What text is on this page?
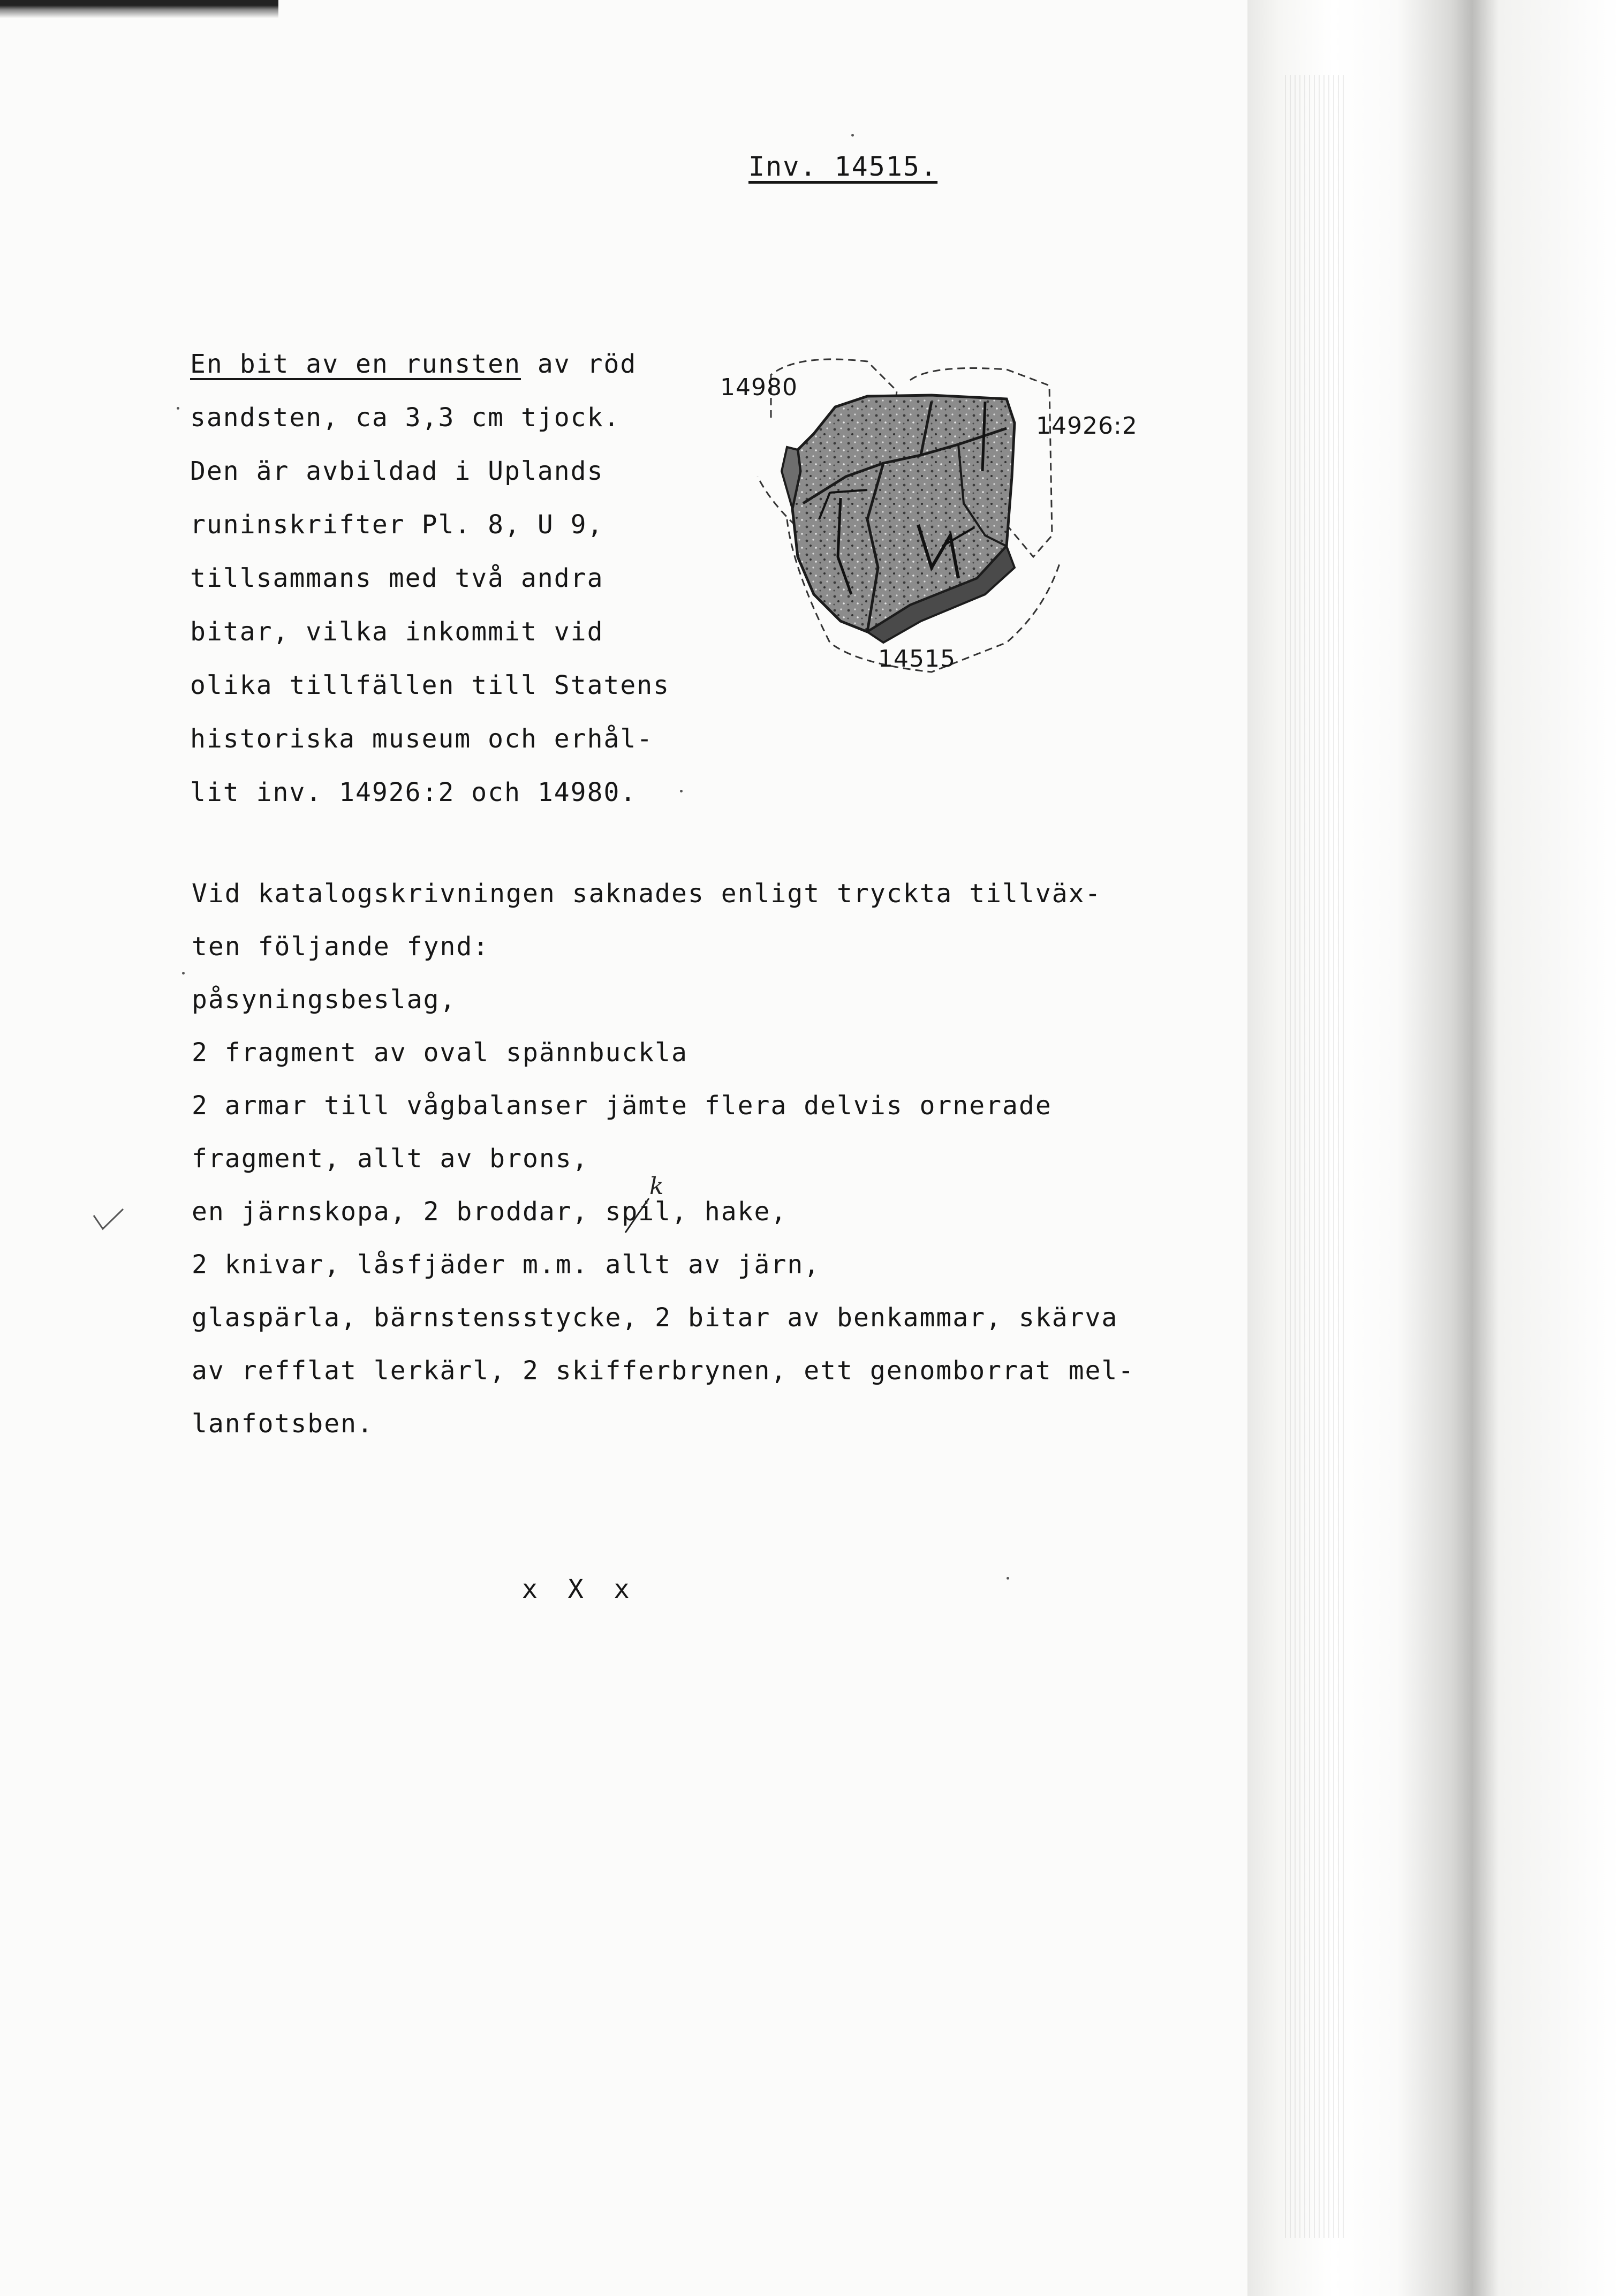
Inv. 14515.
En bit av en runsten av röd
sandsten, ca 3,3 cm tjock.
Den är avbildad i Uplands
runinskrifter Pl. 8, U 9,
tillsammans med två andra
bitar, vilka inkommit vid
olika tillfällen till Statens
historiska museum och erhål-
lit inv. 14926:2 och 14980.
14980
14926:2
14515
Vid katalogskrivningen saknades enligt tryckta tillväx-
ten följande fynd:
påsyningsbeslag,
2 fragment av oval spännbuckla
2 armar till vågbalanser jämte flera delvis ornerade
fragment, allt av brons,
en järnskopa, 2 broddar, spil, hake,
2 knivar, låsfjäder m.m. allt av järn,
glaspärla, bärnstensstycke, 2 bitar av benkammar, skärva
av refflat lerkärl, 2 skifferbrynen, ett genomborrat mel-
lanfotsben.
k
x X x
